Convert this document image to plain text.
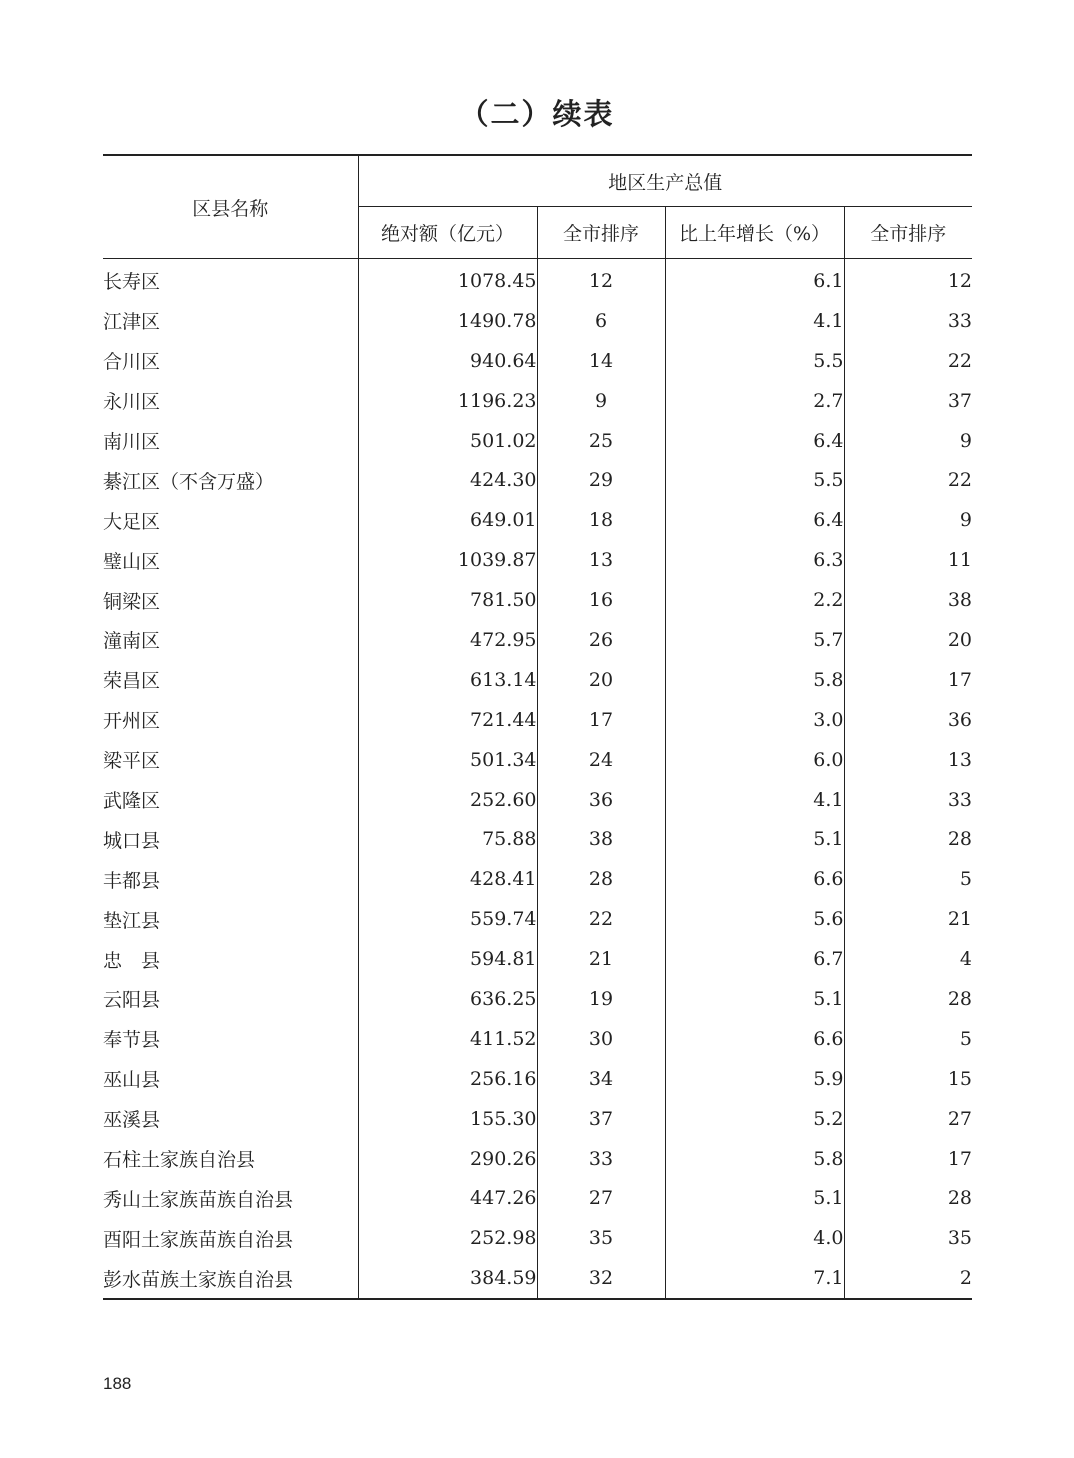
（二）续表
区县名称	地区生产总值			
	绝对额（亿元）	全市排序	比上年增长（%）	全市排序
长寿区	1078.45	12	6.1	12
江津区	1490.78	6	4.1	33
合川区	940.64	14	5.5	22
永川区	1196.23	9	2.7	37
南川区	501.02	25	6.4	9
綦江区（不含万盛）	424.30	29	5.5	22
大足区	649.01	18	6.4	9
璧山区	1039.87	13	6.3	11
铜梁区	781.50	16	2.2	38
潼南区	472.95	26	5.7	20
荣昌区	613.14	20	5.8	17
开州区	721.44	17	3.0	36
梁平区	501.34	24	6.0	13
武隆区	252.60	36	4.1	33
城口县	75.88	38	5.1	28
丰都县	428.41	28	6.6	5
垫江县	559.74	22	5.6	21
忠　县	594.81	21	6.7	4
云阳县	636.25	19	5.1	28
奉节县	411.52	30	6.6	5
巫山县	256.16	34	5.9	15
巫溪县	155.30	37	5.2	27
石柱土家族自治县	290.26	33	5.8	17
秀山土家族苗族自治县	447.26	27	5.1	28
酉阳土家族苗族自治县	252.98	35	4.0	35
彭水苗族土家族自治县	384.59	32	7.1	2
188
